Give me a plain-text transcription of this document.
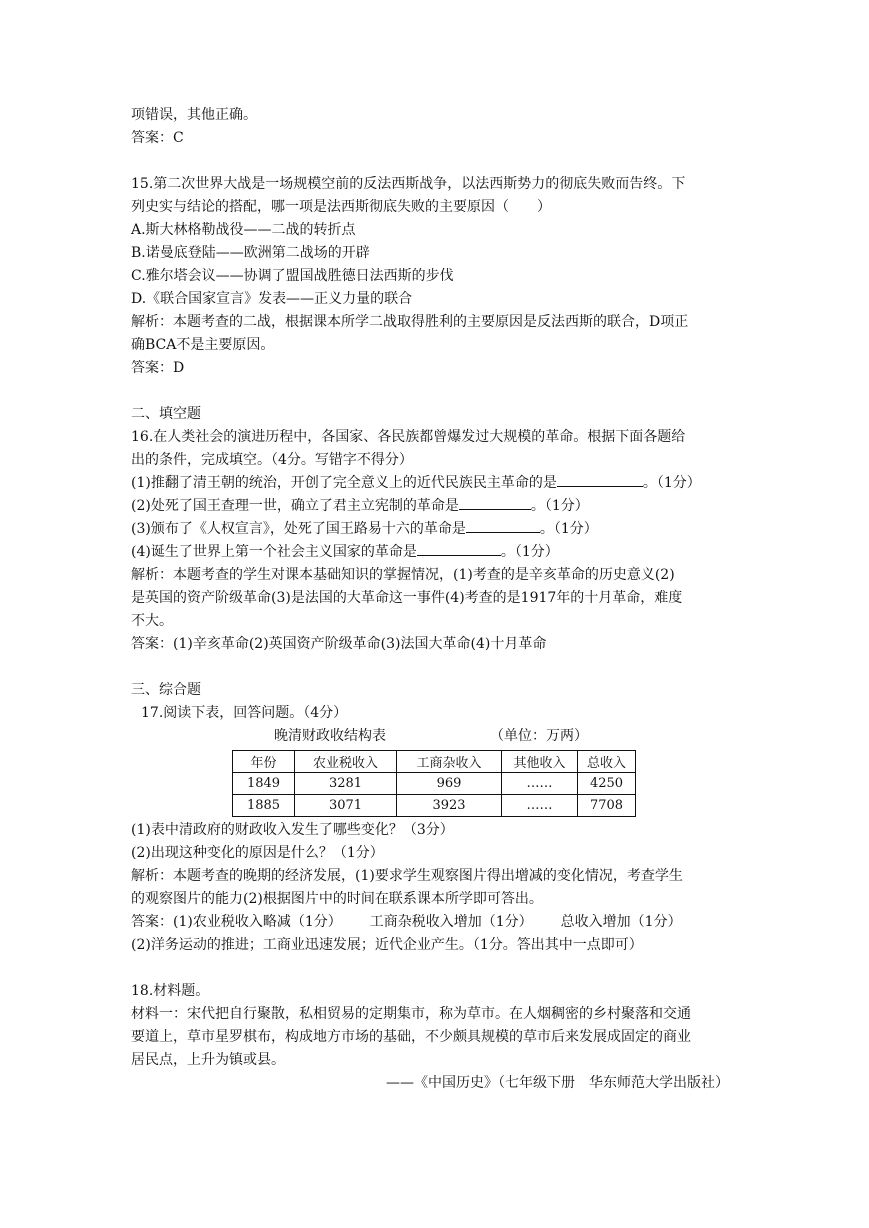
项错误，其他正确。
答案：C
15.第二次世界大战是一场规模空前的反法西斯战争，以法西斯势力的彻底失败而告终。下
列史实与结论的搭配，哪一项是法西斯彻底失败的主要原因（　　）
A.斯大林格勒战役——二战的转折点
B.诺曼底登陆——欧洲第二战场的开辟
C.雅尔塔会议——协调了盟国战胜德日法西斯的步伐
D.《联合国家宣言》发表——正义力量的联合
解析：本题考查的二战，根据课本所学二战取得胜利的主要原因是反法西斯的联合，D项正
确BCA不是主要原因。
答案：D
二、填空题
16.在人类社会的演进历程中，各国家、各民族都曾爆发过大规模的革命。根据下面各题给
出的条件，完成填空。（4分。写错字不得分）
(1)推翻了清王朝的统治，开创了完全意义上的近代民族民主革命的是	。（1分）
(2)处死了国王查理一世，确立了君主立宪制的革命是	。（1分）
(3)颁布了《人权宣言》，处死了国王路易十六的革命是	。（1分）
(4)诞生了世界上第一个社会主义国家的革命是	。（1分）
解析：本题考查的学生对课本基础知识的掌握情况，(1)考查的是辛亥革命的历史意义(2)
是英国的资产阶级革命(3)是法国的大革命这一事件(4)考查的是1917年的十月革命，难度
不大。
答案：(1)辛亥革命(2)英国资产阶级革命(3)法国大革命(4)十月革命
三、综合题
17.阅读下表，回答问题。（4分）
晚清财政收结构表	（单位：万两）
年份	农业税收入	工商杂收入	其他收入	总收入
1849	3281	969	……	4250
1885	3071	3923	……	7708
(1)表中清政府的财政收入发生了哪些变化？（3分）
(2)出现这种变化的原因是什么？（1分）
解析：本题考查的晚期的经济发展，(1)要求学生观察图片得出增减的变化情况，考查学生
的观察图片的能力(2)根据图片中的时间在联系课本所学即可答出。
答案：(1)农业税收入略减（1分） 工商杂税收入增加（1分） 总收入增加（1分）
(2)洋务运动的推进；工商业迅速发展；近代企业产生。（1分。答出其中一点即可）
18.材料题。
材料一：宋代把自行聚散，私相贸易的定期集市，称为草市。在人烟稠密的乡村聚落和交通
要道上，草市星罗棋布，构成地方市场的基础，不少颇具规模的草市后来发展成固定的商业
居民点，上升为镇或县。
——《中国历史》（七年级下册　华东师范大学出版社）
